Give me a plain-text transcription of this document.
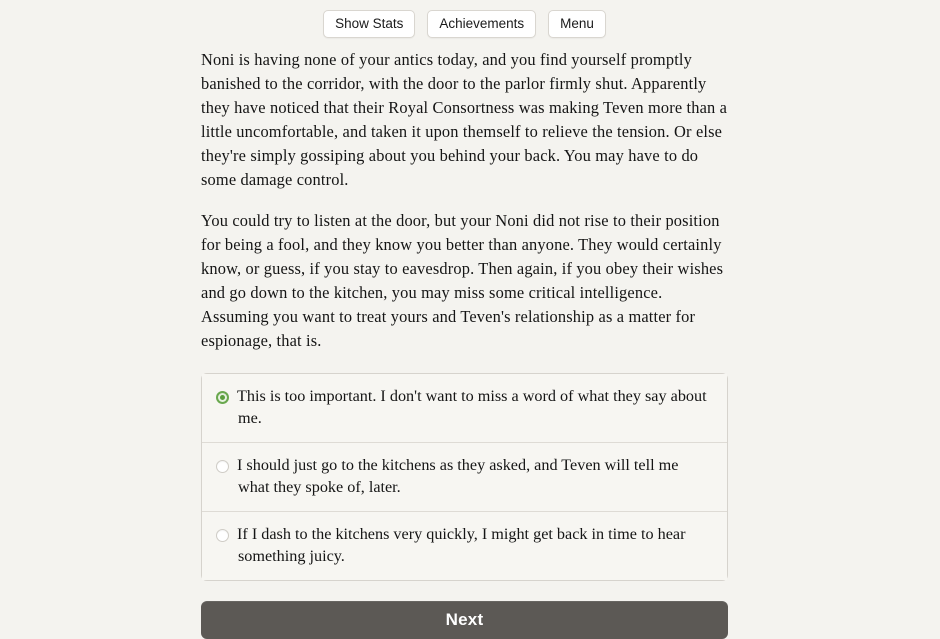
Show Stats	Achievements	Menu

Noni is having none of your antics today, and you find yourself promptly banished to the corridor, with the door to the parlor firmly shut. Apparently they have noticed that their Royal Consortness was making Teven more than a little uncomfortable, and taken it upon themself to relieve the tension. Or else they're simply gossiping about you behind your back. You may have to do some damage control.

You could try to listen at the door, but your Noni did not rise to their position for being a fool, and they know you better than anyone. They would certainly know, or guess, if you stay to eavesdrop. Then again, if you obey their wishes and go down to the kitchen, you may miss some critical intelligence. Assuming you want to treat yours and Teven's relationship as a matter for espionage, that is.

This is too important. I don't want to miss a word of what they say about me.
I should just go to the kitchens as they asked, and Teven will tell me what they spoke of, later.
If I dash to the kitchens very quickly, I might get back in time to hear something juicy.
Next
